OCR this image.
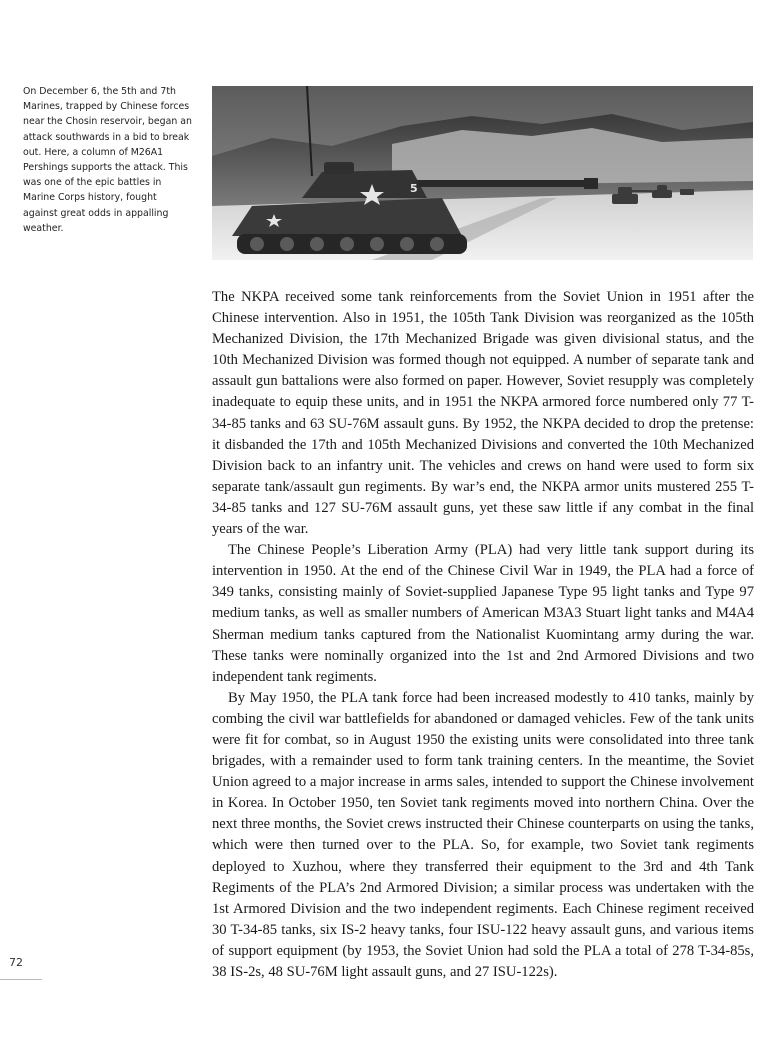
On December 6, the 5th and 7th Marines, trapped by Chinese forces near the Chosin reservoir, began an attack southwards in a bid to break out. Here, a column of M26A1 Pershings supports the attack. This was one of the epic battles in Marine Corps history, fought against great odds in appalling weather.

5

The NKPA received some tank reinforcements from the Soviet Union in 1951 after the Chinese intervention. Also in 1951, the 105th Tank Division was reorganized as the 105th Mechanized Division, the 17th Mechanized Brigade was given divisional status, and the 10th Mechanized Division was formed though not equipped. A number of separate tank and assault gun battalions were also formed on paper. However, Soviet resupply was completely inadequate to equip these units, and in 1951 the NKPA armored force numbered only 77 T-34-85 tanks and 63 SU-76M assault guns. By 1952, the NKPA decided to drop the pretense: it disbanded the 17th and 105th Mechanized Divisions and converted the 10th Mechanized Division back to an infantry unit. The vehicles and crews on hand were used to form six separate tank/assault gun regiments. By war’s end, the NKPA armor units mustered 255 T-34-85 tanks and 127 SU-76M assault guns, yet these saw little if any combat in the final years of the war.

The Chinese People’s Liberation Army (PLA) had very little tank support during its intervention in 1950. At the end of the Chinese Civil War in 1949, the PLA had a force of 349 tanks, consisting mainly of Soviet-supplied Japanese Type 95 light tanks and Type 97 medium tanks, as well as smaller numbers of American M3A3 Stuart light tanks and M4A4 Sherman medium tanks captured from the Nationalist Kuomintang army during the war. These tanks were nominally organized into the 1st and 2nd Armored Divisions and two independent tank regiments.

By May 1950, the PLA tank force had been increased modestly to 410 tanks, mainly by combing the civil war battlefields for abandoned or damaged vehicles. Few of the tank units were fit for combat, so in August 1950 the existing units were consolidated into three tank brigades, with a remainder used to form tank training centers. In the meantime, the Soviet Union agreed to a major increase in arms sales, intended to support the Chinese involvement in Korea. In October 1950, ten Soviet tank regiments moved into northern China. Over the next three months, the Soviet crews instructed their Chinese counterparts on using the tanks, which were then turned over to the PLA. So, for example, two Soviet tank regiments deployed to Xuzhou, where they transferred their equipment to the 3rd and 4th Tank Regiments of the PLA’s 2nd Armored Division; a similar process was undertaken with the 1st Armored Division and the two independent regiments. Each Chinese regiment received 30 T-34-85 tanks, six IS-2 heavy tanks, four ISU-122 heavy assault guns, and various items of support equipment (by 1953, the Soviet Union had sold the PLA a total of 278 T-34-85s, 38 IS-2s, 48 SU-76M light assault guns, and 27 ISU-122s).

72
